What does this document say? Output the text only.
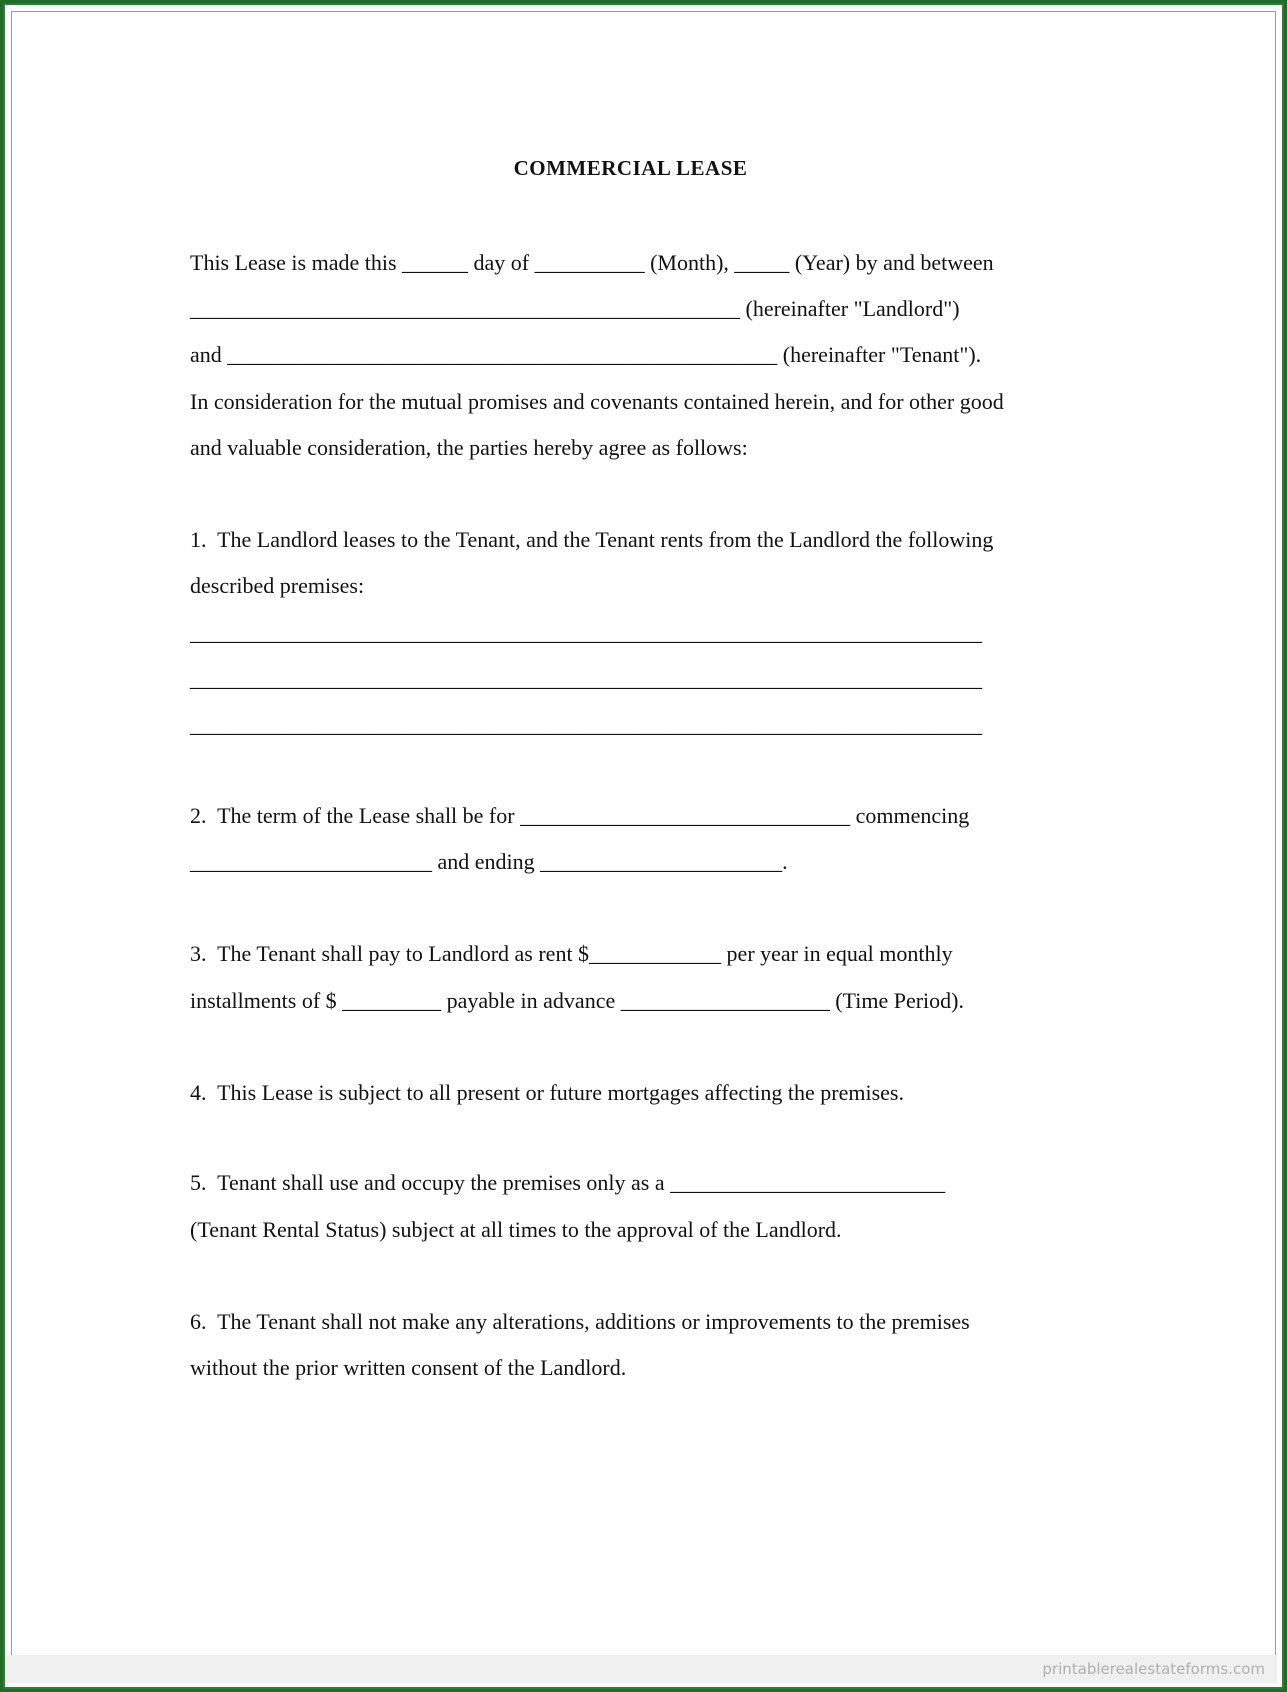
COMMERCIAL LEASE
This Lease is made this ______ day of __________ (Month), _____ (Year) by and between
__________________________________________________ (hereinafter "Landlord")
and __________________________________________________ (hereinafter "Tenant").
In consideration for the mutual promises and covenants contained herein, and for other good
and valuable consideration, the parties hereby agree as follows:
1.  The Landlord leases to the Tenant, and the Tenant rents from the Landlord the following
described premises:
________________________________________________________________________
________________________________________________________________________
________________________________________________________________________
2.  The term of the Lease shall be for ______________________________ commencing
______________________ and ending ______________________.
3.  The Tenant shall pay to Landlord as rent $____________ per year in equal monthly
installments of $ _________ payable in advance ___________________ (Time Period).
4.  This Lease is subject to all present or future mortgages affecting the premises.
5.  Tenant shall use and occupy the premises only as a _________________________
(Tenant Rental Status) subject at all times to the approval of the Landlord.
6.  The Tenant shall not make any alterations, additions or improvements to the premises
without the prior written consent of the Landlord.
printablerealestateforms.com
